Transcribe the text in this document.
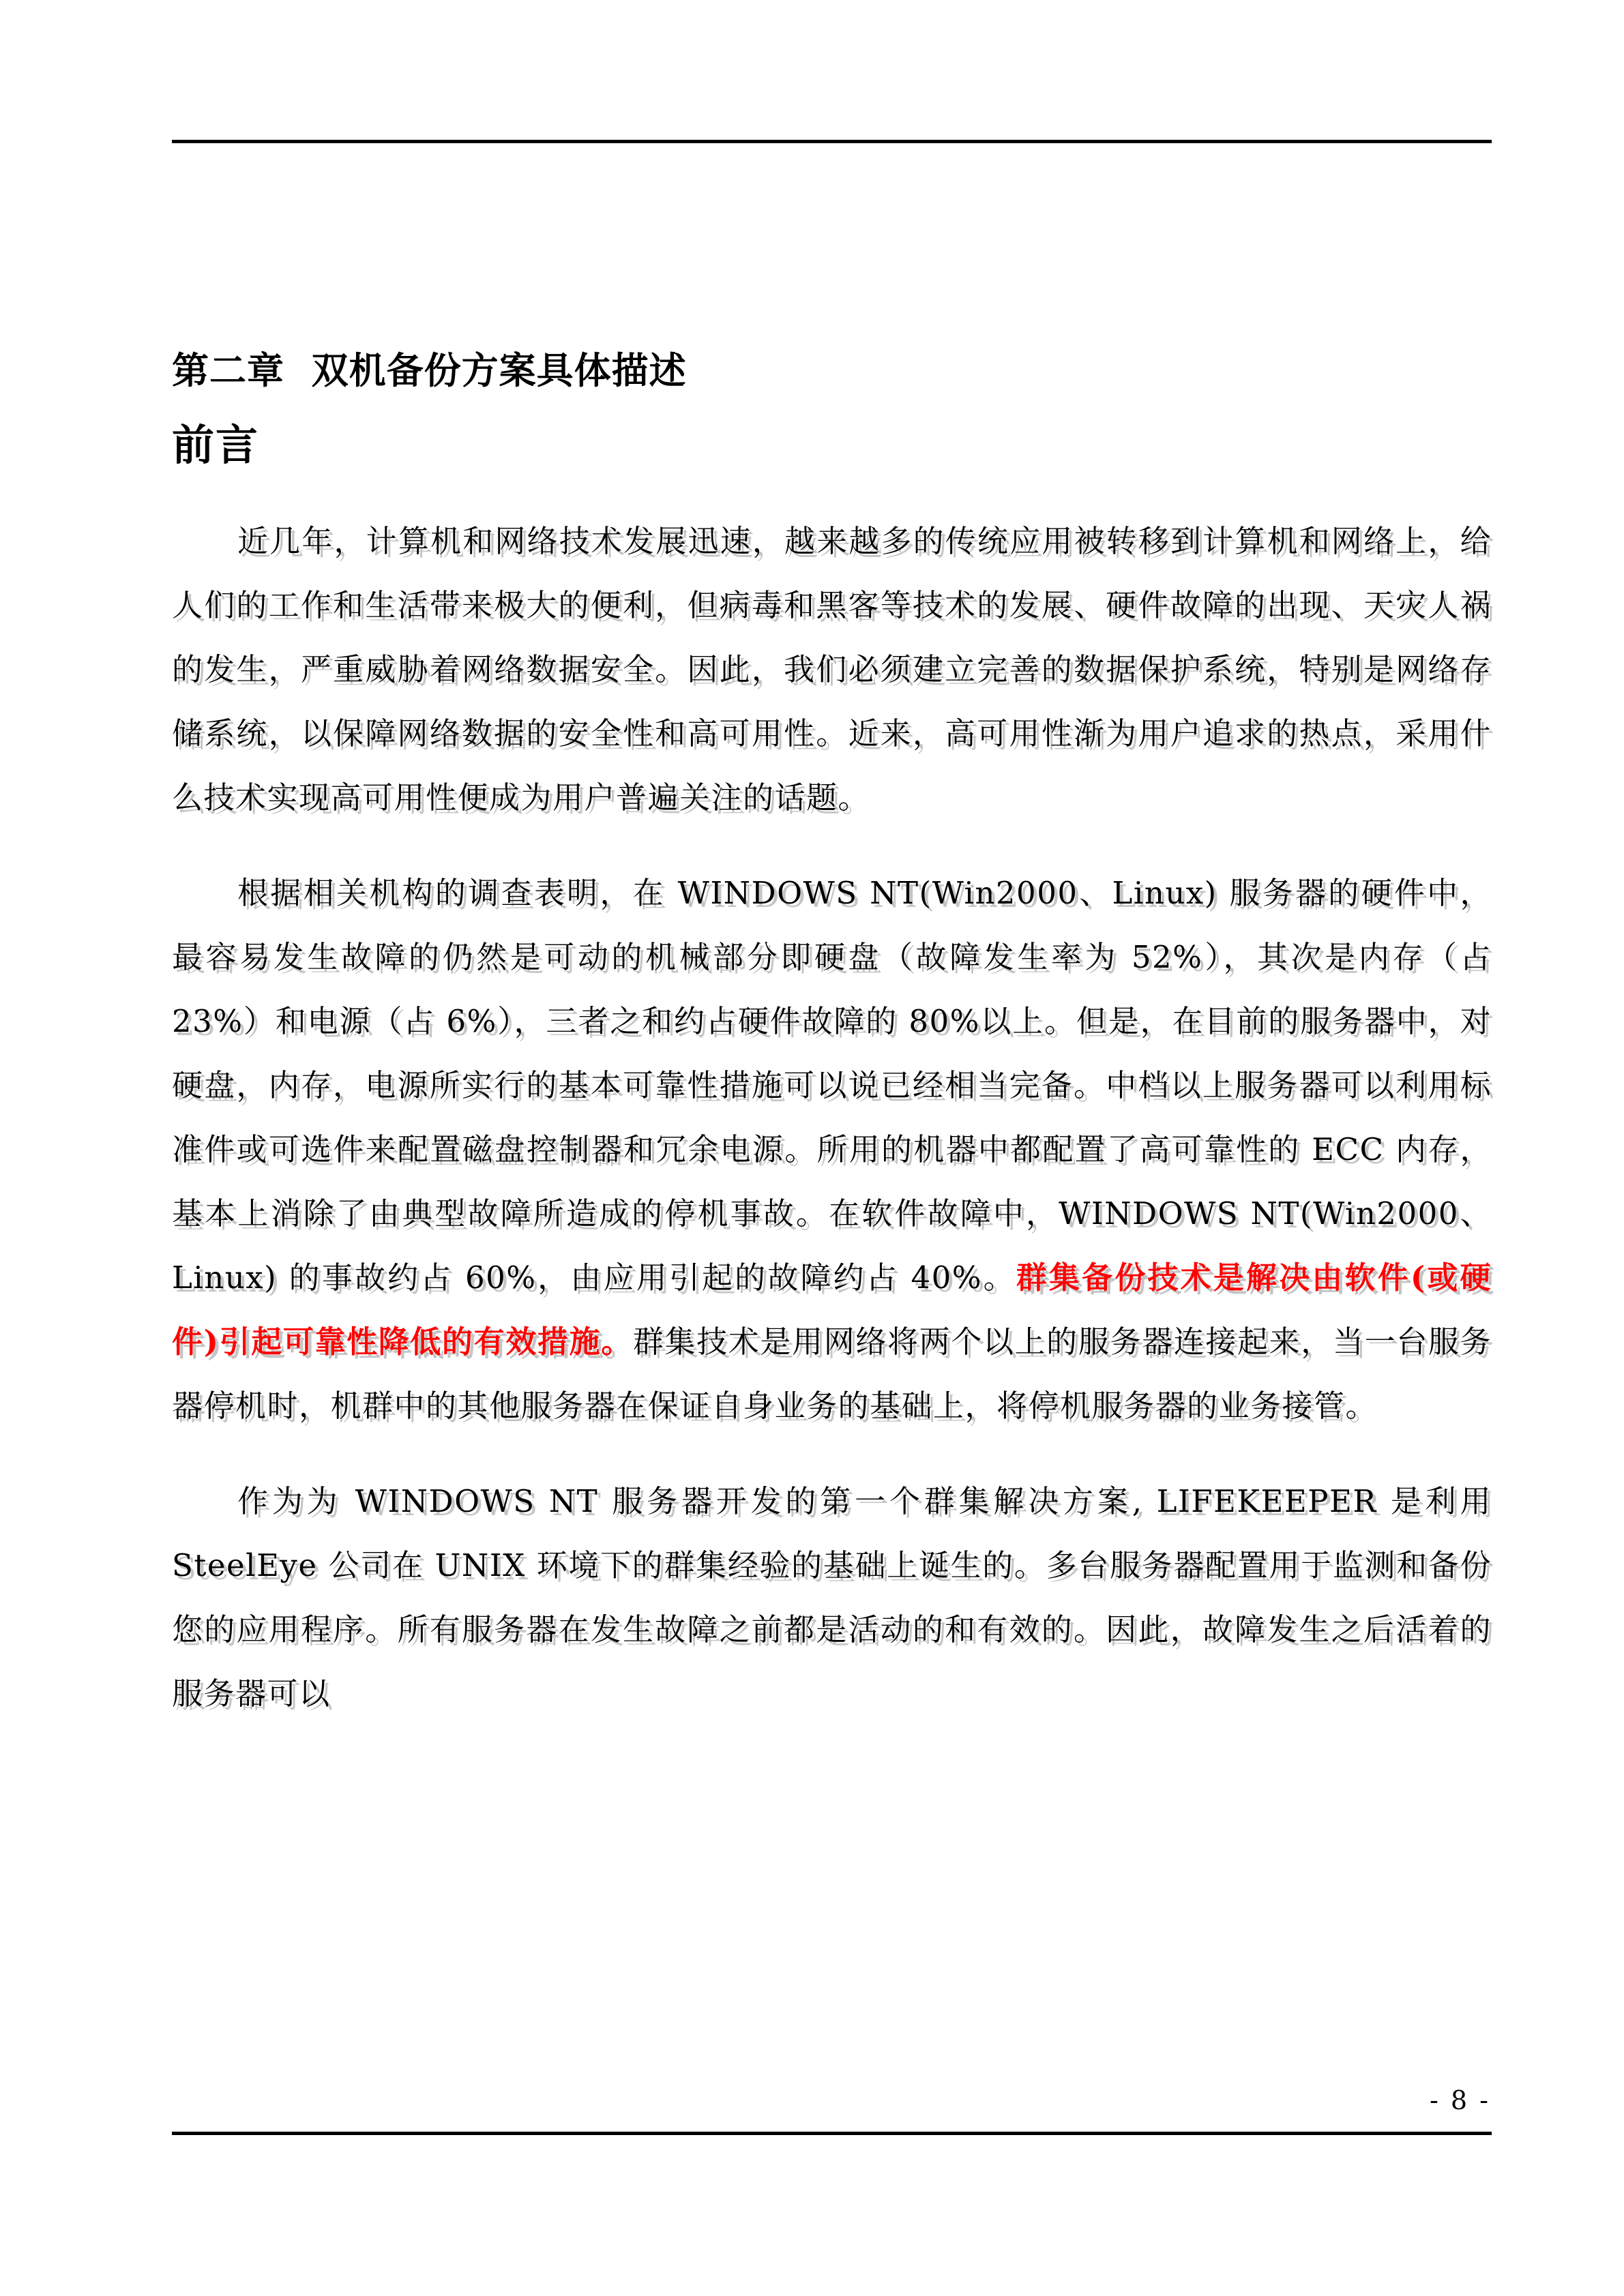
第二章  双机备份方案具体描述
前言

近几年，计算机和网络技术发展迅速，越来越多的传统应用被转移到计算机和网络上，给人们的工作和生活带来极大的便利，但病毒和黑客等技术的发展、硬件故障的出现、天灾人祸的发生，严重威胁着网络数据安全。因此，我们必须建立完善的数据保护系统，特别是网络存储系统，以保障网络数据的安全性和高可用性。近来，高可用性渐为用户追求的热点，采用什么技术实现高可用性便成为用户普遍关注的话题。

根据相关机构的调查表明，在 WINDOWS NT(Win2000、Linux) 服务器的硬件中，最容易发生故障的仍然是可动的机械部分即硬盘（故障发生率为 52%），其次是内存（占 23%）和电源（占 6%），三者之和约占硬件故障的 80%以上。但是，在目前的服务器中，对硬盘，内存，电源所实行的基本可靠性措施可以说已经相当完备。中档以上服务器可以利用标准件或可选件来配置磁盘控制器和冗余电源。所用的机器中都配置了高可靠性的 ECC 内存，基本上消除了由典型故障所造成的停机事故。在软件故障中，WINDOWS NT(Win2000、Linux) 的事故约占 60%，由应用引起的故障约占 40%。群集备份技术是解决由软件(或硬件)引起可靠性降低的有效措施。群集技术是用网络将两个以上的服务器连接起来，当一台服务器停机时，机群中的其他服务器在保证自身业务的基础上，将停机服务器的业务接管。

作为为 WINDOWS NT 服务器开发的第一个群集解决方案, LIFEKEEPER 是利用 SteelEye 公司在 UNIX 环境下的群集经验的基础上诞生的。多台服务器配置用于监测和备份您的应用程序。所有服务器在发生故障之前都是活动的和有效的。因此，故障发生之后活着的服务器可以

- 8 -
